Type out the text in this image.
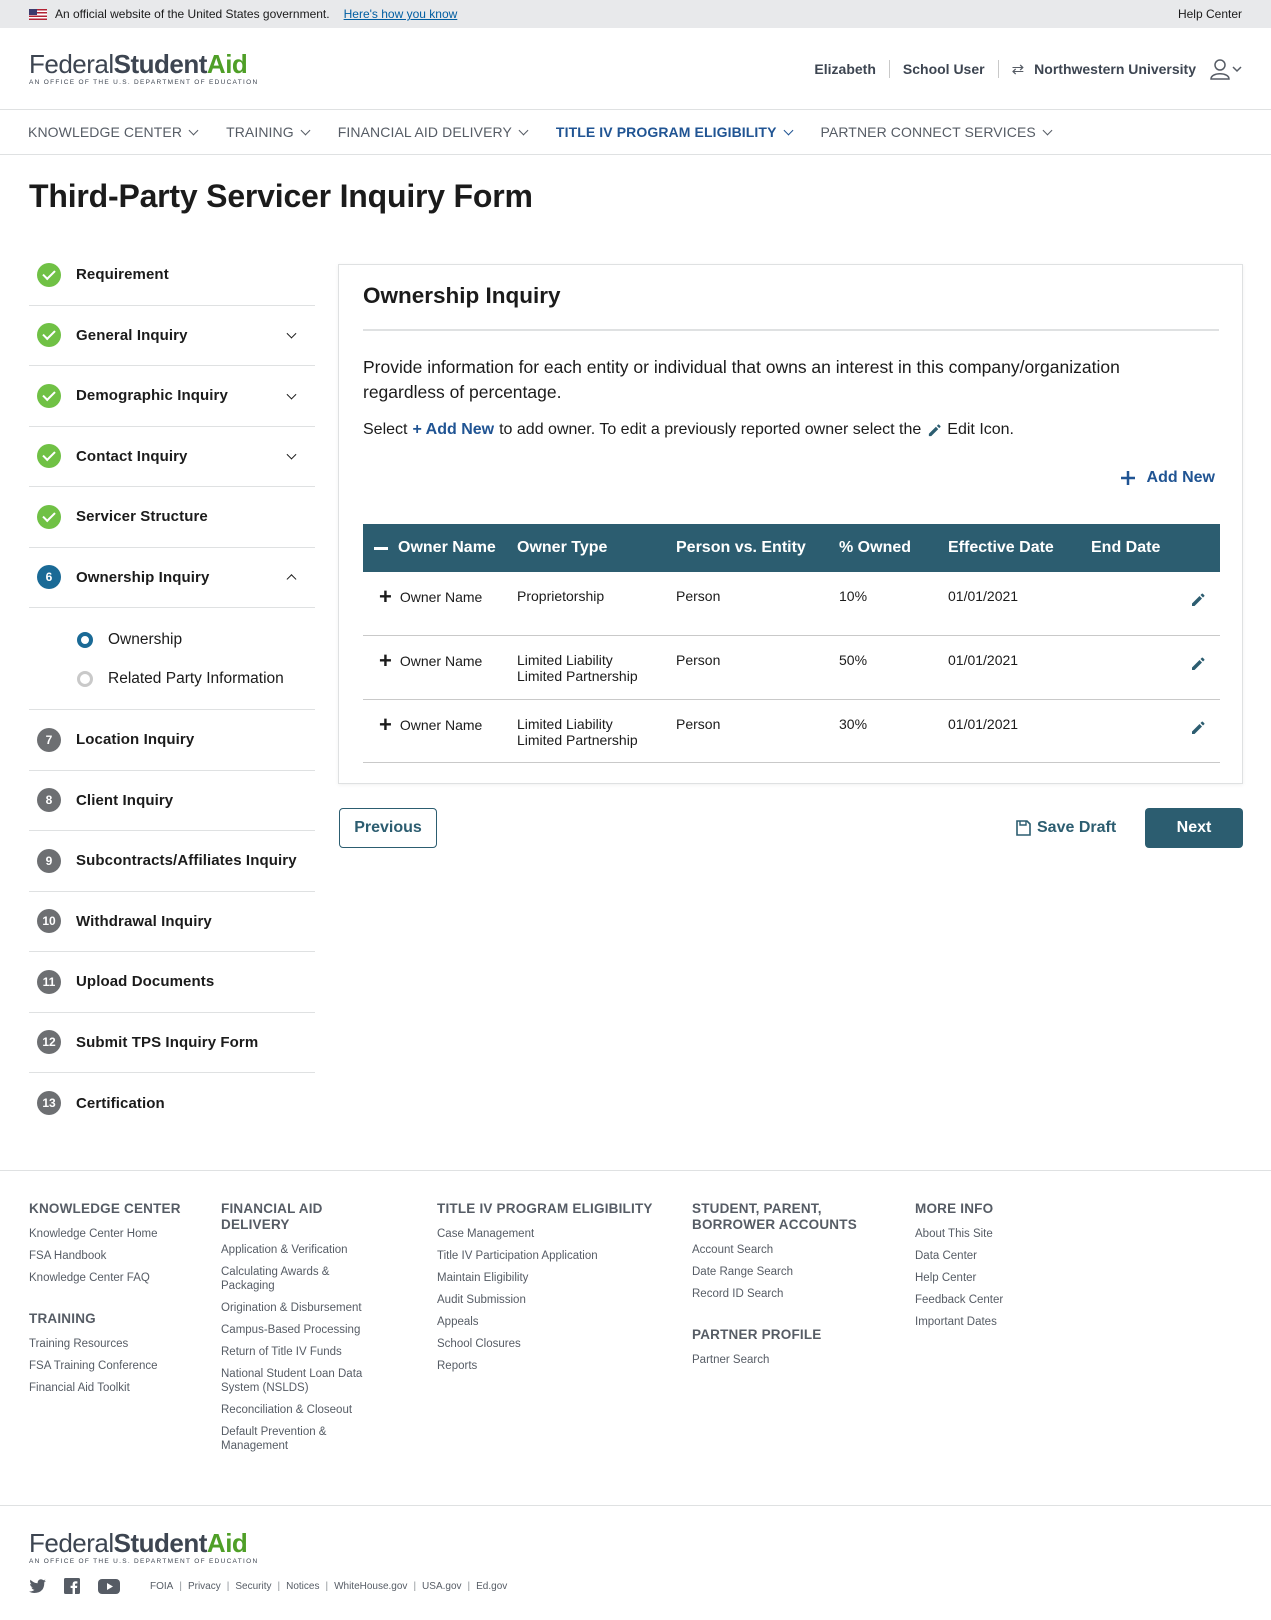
An official website of the United States government. Here's how you know	Help Center
FederalStudentAid
AN OFFICE OF THE U.S. DEPARTMENT OF EDUCATION
Elizabeth School User ⇄ Northwestern University
KNOWLEDGE CENTER	TRAINING	FINANCIAL AID DELIVERY	TITLE IV PROGRAM ELIGIBILITY	PARTNER CONNECT SERVICES
Third-Party Servicer Inquiry Form
Requirement
General Inquiry
Demographic Inquiry
Contact Inquiry
Servicer Structure
6	Ownership Inquiry
Ownership
Related Party Information
7	Location Inquiry
8	Client Inquiry
9	Subcontracts/Affiliates Inquiry
10	Withdrawal Inquiry
11	Upload Documents
12	Submit TPS Inquiry Form
13	Certification
Ownership Inquiry

Provide information for each entity or individual that owns an interest in this company/organization regardless of percentage.

Select + Add New to add owner. To edit a previously reported owner select the Edit Icon.
Add New
Owner Name	Owner Type	Person vs. Entity	% Owned	Effective Date	End Date

+ Owner Name	Proprietorship	Person	10%	01/01/2021	

+ Owner Name	Limited Liability Limited Partnership	Person	50%	01/01/2021	

+ Owner Name	Limited Liability Limited Partnership	Person	30%	01/01/2021	
Previous	Save Draft	Next
KNOWLEDGE CENTER
Knowledge Center Home
FSA Handbook
Knowledge Center FAQ
TRAINING
Training Resources
FSA Training Conference
Financial Aid Toolkit
FINANCIAL AID DELIVERY
Application & Verification
Calculating Awards & Packaging
Origination & Disbursement
Campus-Based Processing
Return of Title IV Funds
National Student Loan Data System (NSLDS)
Reconciliation & Closeout
Default Prevention & Management
TITLE IV PROGRAM ELIGIBILITY
Case Management
Title IV Participation Application
Maintain Eligibility
Audit Submission
Appeals
School Closures
Reports
STUDENT, PARENT, BORROWER ACCOUNTS
Account Search
Date Range Search
Record ID Search
PARTNER PROFILE
Partner Search
MORE INFO
About This Site
Data Center
Help Center
Feedback Center
Important Dates
FederalStudentAid
AN OFFICE OF THE U.S. DEPARTMENT OF EDUCATION
FOIA | Privacy | Security | Notices | WhiteHouse.gov | USA.gov | Ed.gov
